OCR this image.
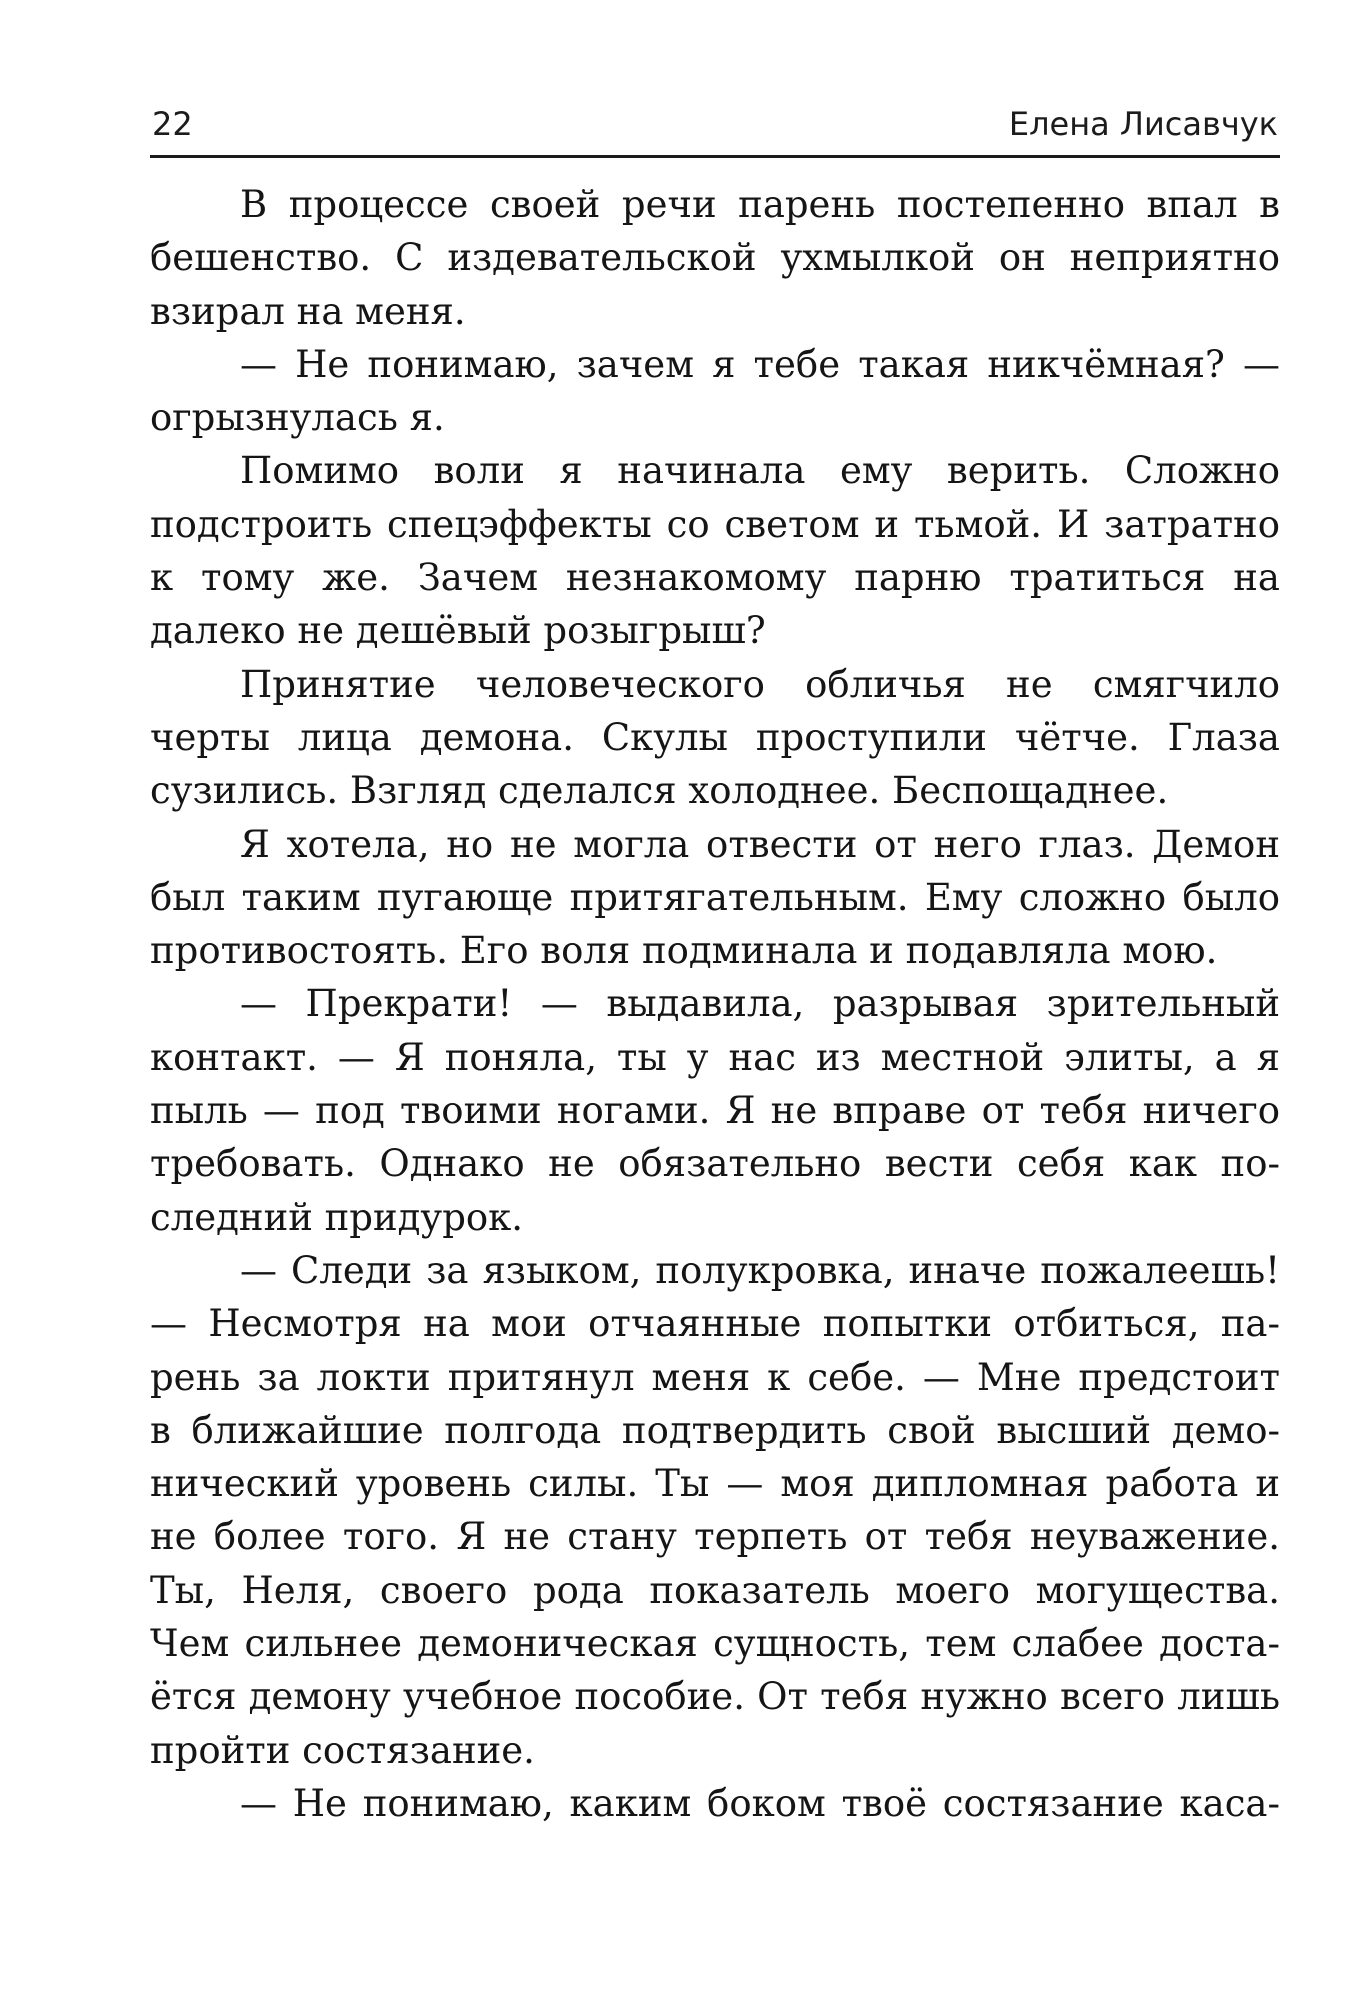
22	Елена Лисавчук
В процессе своей речи парень постепенно впал в
бешенство. С издевательской ухмылкой он неприятно
взирал на меня.
— Не понимаю, зачем я тебе такая никчёмная? —
огрызнулась я.
Помимо воли я начинала ему верить. Сложно
подстроить спецэффекты со светом и тьмой. И затратно
к тому же. Зачем незнакомому парню тратиться на
далеко не дешёвый розыгрыш?
Принятие человеческого обличья не смягчило
черты лица демона. Скулы проступили чётче. Глаза
сузились. Взгляд сделался холоднее. Беспощаднее.
Я хотела, но не могла отвести от него глаз. Демон
был таким пугающе притягательным. Ему сложно было
противостоять. Его воля подминала и подавляла мою.
— Прекрати! — выдавила, разрывая зрительный
контакт. — Я поняла, ты у нас из местной элиты, а я
пыль — под твоими ногами. Я не вправе от тебя ничего
требовать. Однако не обязательно вести себя как по-
следний придурок.
— Следи за языком, полукровка, иначе пожалеешь!
— Несмотря на мои отчаянные попытки отбиться, па-
рень за локти притянул меня к себе. — Мне предстоит
в ближайшие полгода подтвердить свой высший демо-
нический уровень силы. Ты — моя дипломная работа и
не более того. Я не стану терпеть от тебя неуважение.
Ты, Неля, своего рода показатель моего могущества.
Чем сильнее демоническая сущность, тем слабее доста-
ётся демону учебное пособие. От тебя нужно всего лишь
пройти состязание.
— Не понимаю, каким боком твоё состязание каса-
